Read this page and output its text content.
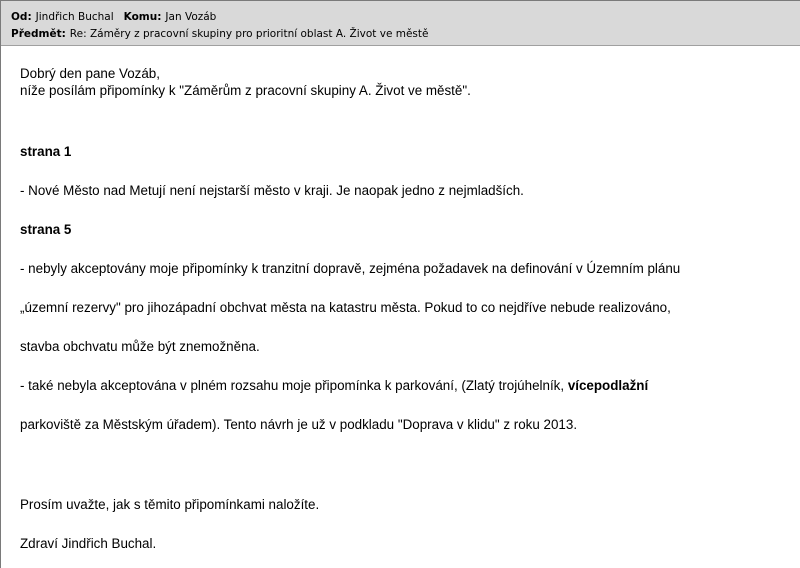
Od: Jindřich Buchal Komu: Jan Vozáb
Předmět: Re: Záměry z pracovní skupiny pro prioritní oblast A. Život ve městě
Dobrý den pane Vozáb,
níže posílám připomínky k "Záměrům z pracovní skupiny A. Život ve městě".
strana 1
- Nové Město nad Metují není nejstarší město v kraji. Je naopak jedno z nejmladších.
strana 5
- nebyly akceptovány moje připomínky k tranzitní dopravě, zejména požadavek na definování v Územním plánu
„územní rezervy" pro jihozápadní obchvat města na katastru města. Pokud to co nejdříve nebude realizováno,
stavba obchvatu může být znemožněna.
- také nebyla akceptována v plném rozsahu moje připomínka k parkování, (Zlatý trojúhelník, vícepodlažní
parkoviště za Městským úřadem). Tento návrh je už v podkladu "Doprava v klidu" z roku 2013.
Prosím uvažte, jak s těmito připomínkami naložíte.
Zdraví Jindřich Buchal.
